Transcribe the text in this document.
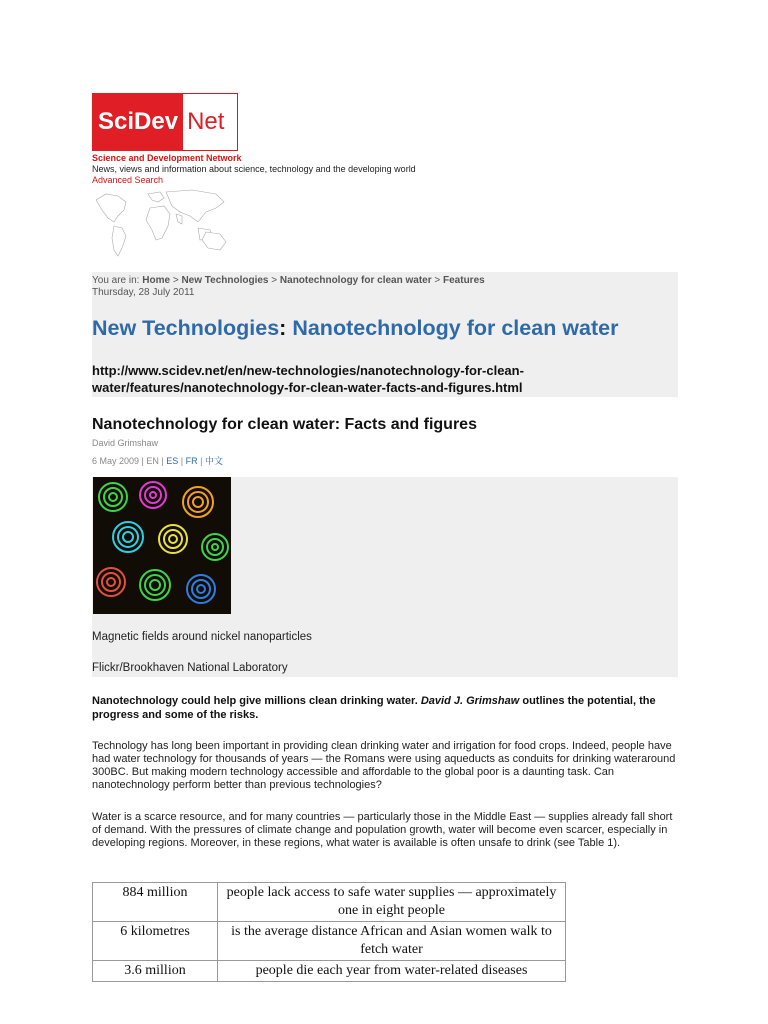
SciDev Net
Science and Development Network
News, views and information about science, technology and the developing world
Advanced Search
You are in: Home > New Technologies > Nanotechnology for clean water > Features
Thursday, 28 July 2011
New Technologies: Nanotechnology for clean water
http://www.scidev.net/en/new-technologies/nanotechnology-for-clean-water/features/nanotechnology-for-clean-water-facts-and-figures.html
Nanotechnology for clean water: Facts and figures
David Grimshaw
6 May 2009 | EN | ES | FR | 中文
Magnetic fields around nickel nanoparticles
Flickr/Brookhaven National Laboratory
Nanotechnology could help give millions clean drinking water. David J. Grimshaw outlines the potential, the progress and some of the risks.
Technology has long been important in providing clean drinking water and irrigation for food crops. Indeed, people have had water technology for thousands of years — the Romans were using aqueducts as conduits for drinking wateraround 300BC. But making modern technology accessible and affordable to the global poor is a daunting task. Can nanotechnology perform better than previous technologies?
Water is a scarce resource, and for many countries — particularly those in the Middle East — supplies already fall short of demand. With the pressures of climate change and population growth, water will become even scarcer, especially in developing regions. Moreover, in these regions, what water is available is often unsafe to drink (see Table 1).
884 million	people lack access to safe water supplies — approximately one in eight people
6 kilometres	is the average distance African and Asian women walk to fetch water
3.6 million	people die each year from water-related diseases
